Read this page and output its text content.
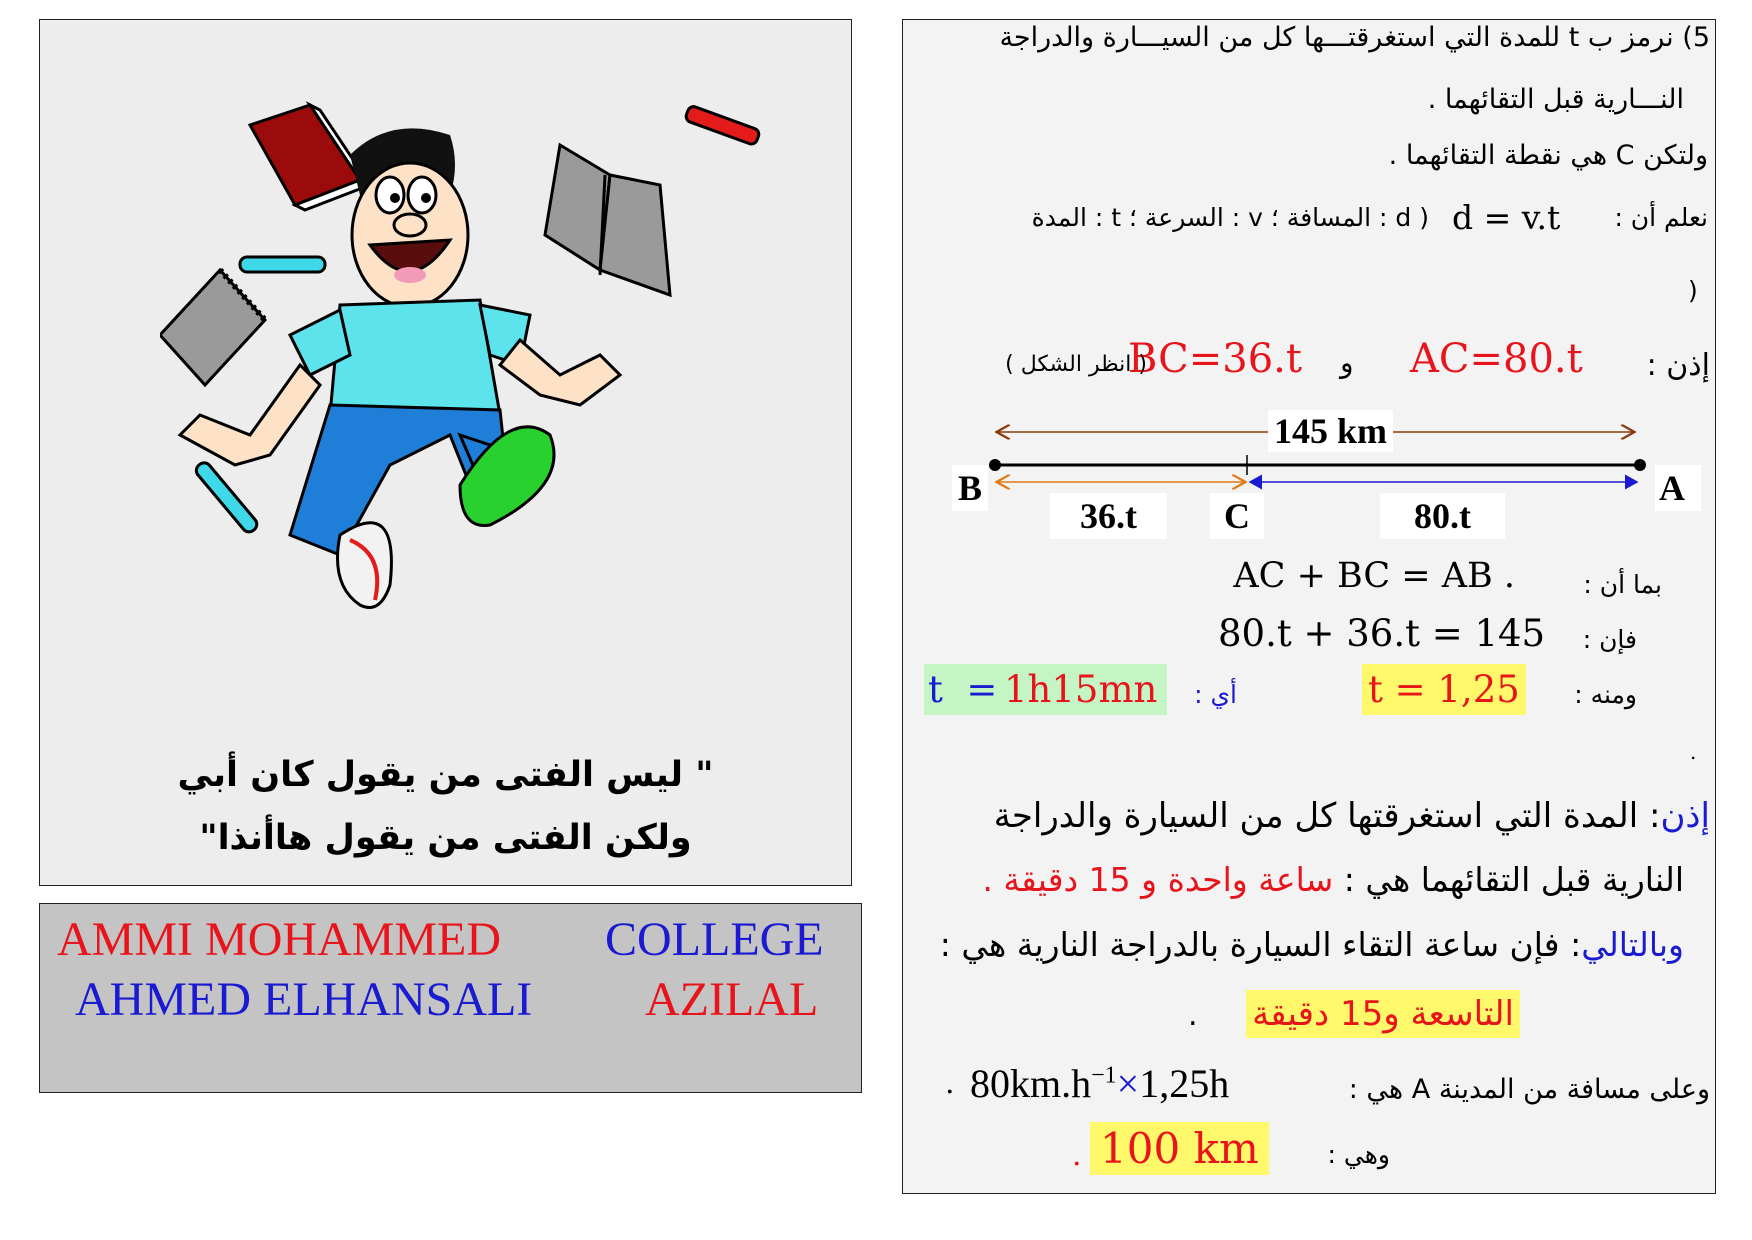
" ليس الفتى من يقول كان أبي
ولكن الفتى من يقول هاأنذا"
AMMI MOHAMMED COLLEGE
AHMED ELHANSALI AZILAL
5) نرمز ب t للمدة التي استغرقتـــها كل من السيـــارة والدراجة
النـــارية قبل التقائهما .
ولتكن C هي نقطة التقائهما .
نعلم أن :
d = v.t
( d : المسافة ؛ v : السرعة ؛ t : المدة
)
إذن :
AC=80.t
و
BC=36.t
( انظر الشكل )
145 km
B	A
36.t	C	80.t
بما أن :
AC + BC = AB .
فإن :
80.t + 36.t = 145
ومنه :
t = 1,25
أي :
1h15mn
t  =
.
إذن: المدة التي استغرقتها كل من السيارة والدراجة
النارية قبل التقائهما هي : ساعة واحدة و 15 دقيقة .
وبالتالي: فإن ساعة التقاء السيارة بالدراجة النارية هي :
التاسعة و15 دقيقة
.
وعلى مسافة من المدينة A هي :
$80km.h^{-1}\times 1,25h$
.
وهي :
100 km
.
